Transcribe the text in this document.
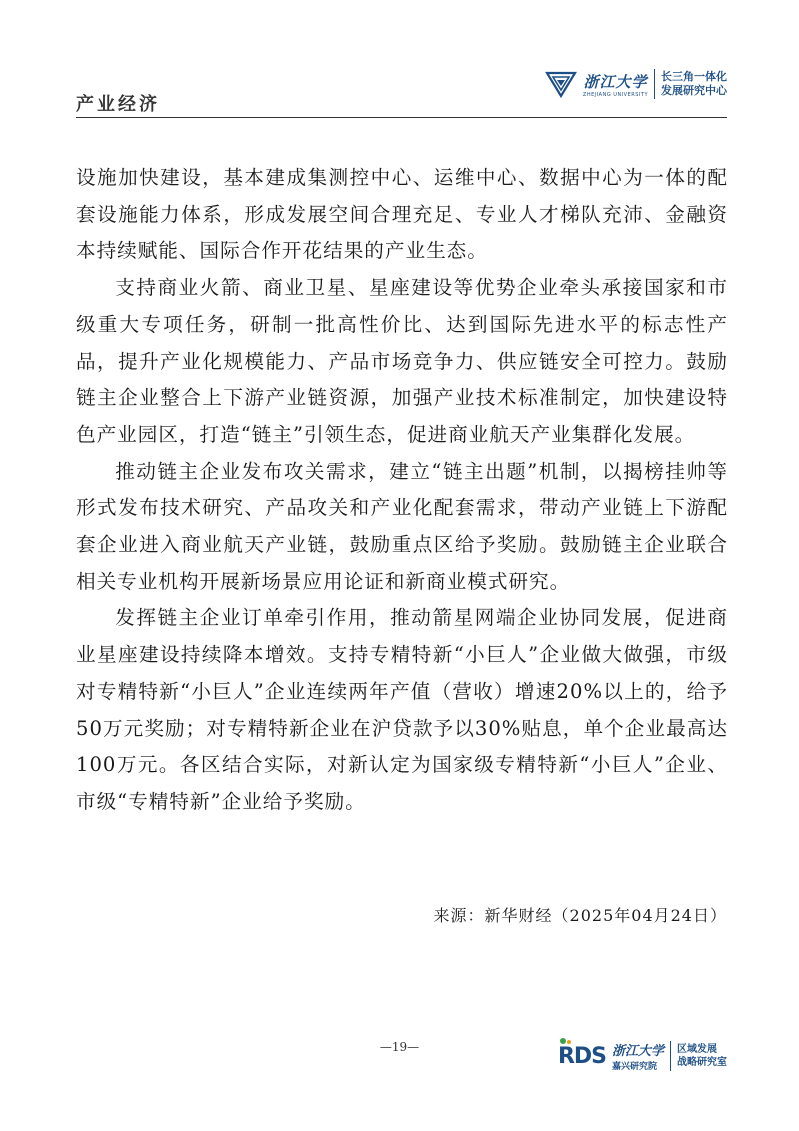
产业经济
浙江大学
ZHEJIANG UNIVERSITY
长三角一体化
发展研究中心

设施加快建设，基本建成集测控中心、运维中心、数据中心为一体的配套设施能力体系，形成发展空间合理充足、专业人才梯队充沛、金融资本持续赋能、国际合作开花结果的产业生态。

支持商业火箭、商业卫星、星座建设等优势企业牵头承接国家和市级重大专项任务，研制一批高性价比、达到国际先进水平的标志性产品，提升产业化规模能力、产品市场竞争力、供应链安全可控力。鼓励链主企业整合上下游产业链资源，加强产业技术标准制定，加快建设特色产业园区，打造“链主”引领生态，促进商业航天产业集群化发展。

推动链主企业发布攻关需求，建立“链主出题”机制，以揭榜挂帅等形式发布技术研究、产品攻关和产业化配套需求，带动产业链上下游配套企业进入商业航天产业链，鼓励重点区给予奖励。鼓励链主企业联合相关专业机构开展新场景应用论证和新商业模式研究。

发挥链主企业订单牵引作用，推动箭星网端企业协同发展，促进商业星座建设持续降本增效。支持专精特新“小巨人”企业做大做强，市级对专精特新“小巨人”企业连续两年产值（营收）增速20%以上的，给予50万元奖励；对专精特新企业在沪贷款予以30%贴息，单个企业最高达100万元。各区结合实际，对新认定为国家级专精特新“小巨人”企业、市级“专精特新”企业给予奖励。

来源：新华财经（2025年04月24日）
—19—	RDS 浙江大学
嘉兴研究院
区域发展
战略研究室
